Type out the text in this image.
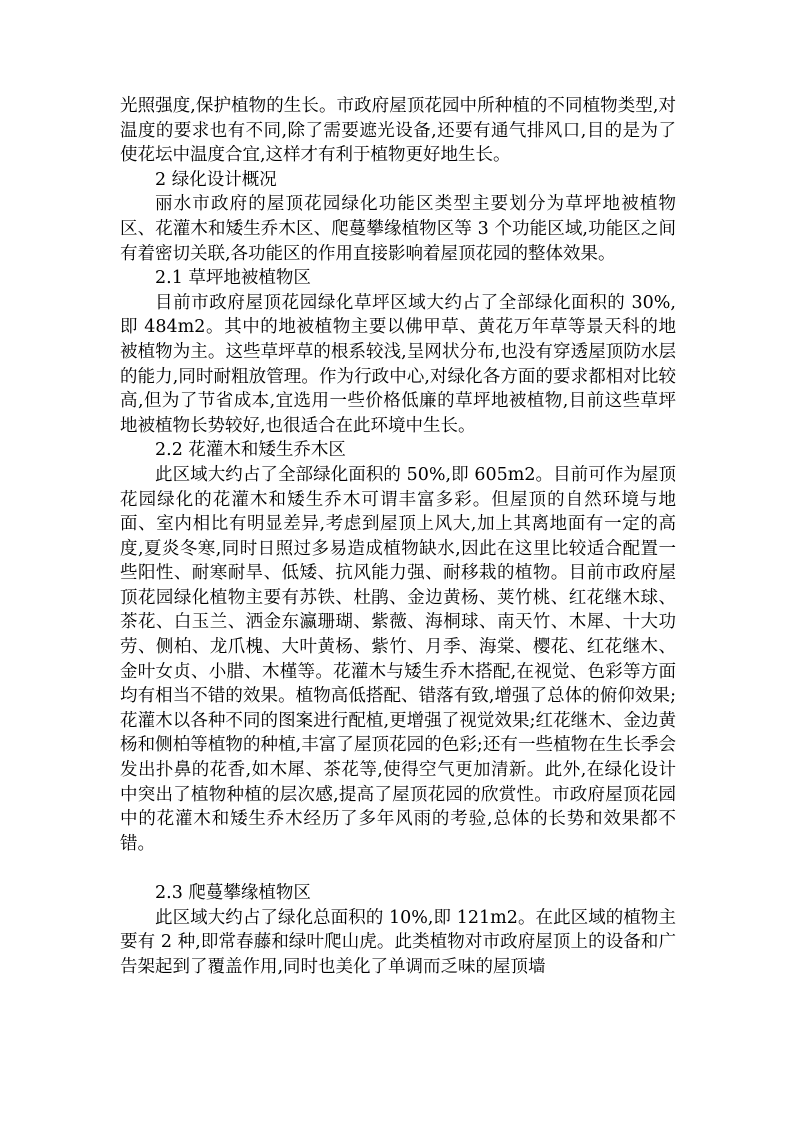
光照强度,保护植物的生长。市政府屋顶花园中所种植的不同植物类型,对温度的要求也有不同,除了需要遮光设备,还要有通气排风口,目的是为了使花坛中温度合宜,这样才有利于植物更好地生长。

2 绿化设计概况

丽水市政府的屋顶花园绿化功能区类型主要划分为草坪地被植物区、花灌木和矮生乔木区、爬蔓攀缘植物区等 3 个功能区域,功能区之间有着密切关联,各功能区的作用直接影响着屋顶花园的整体效果。

2.1 草坪地被植物区

目前市政府屋顶花园绿化草坪区域大约占了全部绿化面积的 30%,即 484m2。其中的地被植物主要以佛甲草、黄花万年草等景天科的地被植物为主。这些草坪草的根系较浅,呈网状分布,也没有穿透屋顶防水层的能力,同时耐粗放管理。作为行政中心,对绿化各方面的要求都相对比较高,但为了节省成本,宜选用一些价格低廉的草坪地被植物,目前这些草坪地被植物长势较好,也很适合在此环境中生长。

2.2 花灌木和矮生乔木区

此区域大约占了全部绿化面积的 50%,即 605m2。目前可作为屋顶花园绿化的花灌木和矮生乔木可谓丰富多彩。但屋顶的自然环境与地面、室内相比有明显差异,考虑到屋顶上风大,加上其离地面有一定的高度,夏炎冬寒,同时日照过多易造成植物缺水,因此在这里比较适合配置一些阳性、耐寒耐旱、低矮、抗风能力强、耐移栽的植物。目前市政府屋顶花园绿化植物主要有苏铁、杜鹃、金边黄杨、荚竹桃、红花继木球、茶花、白玉兰、洒金东瀛珊瑚、紫薇、海桐球、南天竹、木犀、十大功劳、侧柏、龙爪槐、大叶黄杨、紫竹、月季、海棠、樱花、红花继木、金叶女贞、小腊、木槿等。花灌木与矮生乔木搭配,在视觉、色彩等方面均有相当不错的效果。植物高低搭配、错落有致,增强了总体的俯仰效果;花灌木以各种不同的图案进行配植,更增强了视觉效果;红花继木、金边黄杨和侧柏等植物的种植,丰富了屋顶花园的色彩;还有一些植物在生长季会发出扑鼻的花香,如木犀、茶花等,使得空气更加清新。此外,在绿化设计中突出了植物种植的层次感,提高了屋顶花园的欣赏性。市政府屋顶花园中的花灌木和矮生乔木经历了多年风雨的考验,总体的长势和效果都不错。

2.3 爬蔓攀缘植物区

此区域大约占了绿化总面积的 10%,即 121m2。在此区域的植物主要有 2 种,即常春藤和绿叶爬山虎。此类植物对市政府屋顶上的设备和广告架起到了覆盖作用,同时也美化了单调而乏味的屋顶墙
